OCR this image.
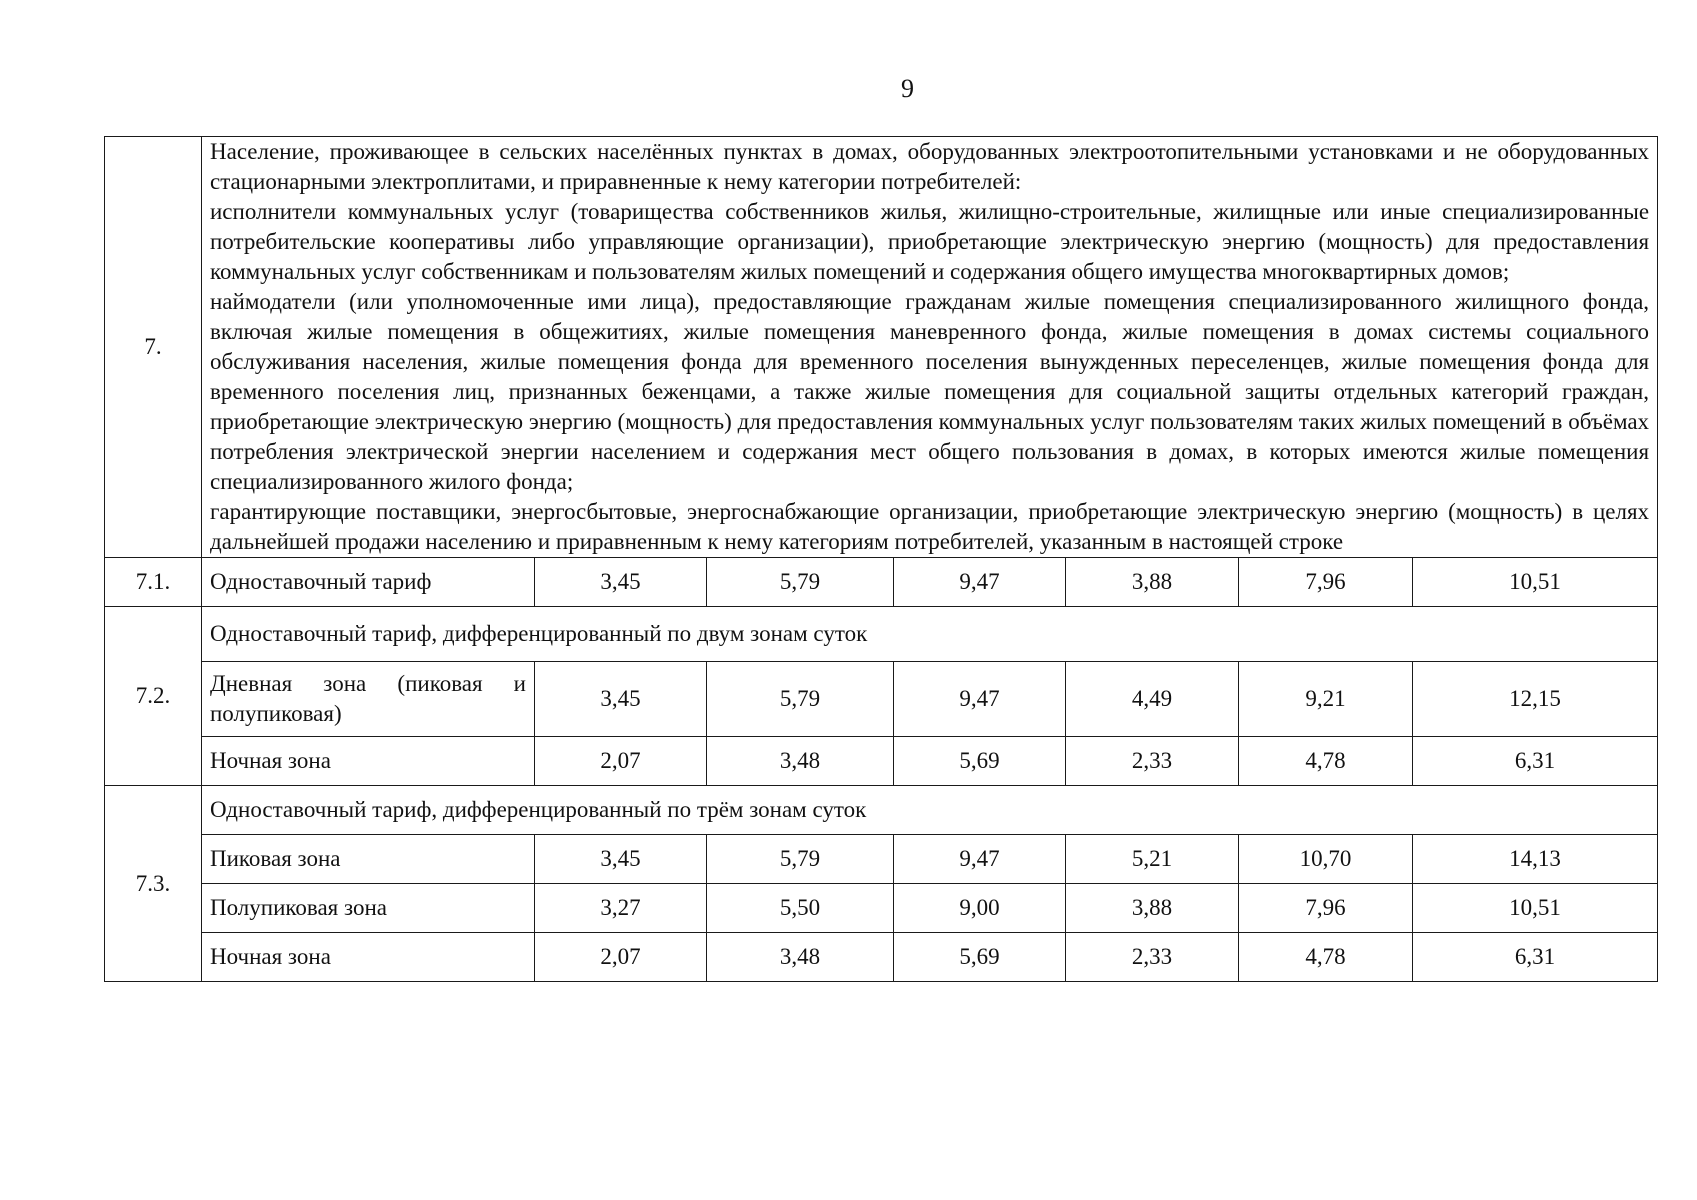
9
7.	Население, проживающее в сельских населённых пунктах в домах, оборудованных электроотопительными установками и не оборудованных стационарными электроплитами, и приравненные к нему категории потребителей:
исполнители коммунальных услуг (товарищества собственников жилья, жилищно-строительные, жилищные или иные специализированные потребительские кооперативы либо управляющие организации), приобретающие электрическую энергию (мощность) для предоставления коммунальных услуг собственникам и пользователям жилых помещений и содержания общего имущества многоквартирных домов;
наймодатели (или уполномоченные ими лица), предоставляющие гражданам жилые помещения специализированного жилищного фонда, включая жилые помещения в общежитиях, жилые помещения маневренного фонда, жилые помещения в домах системы социального обслуживания населения, жилые помещения фонда для временного поселения вынужденных переселенцев, жилые помещения фонда для временного поселения лиц, признанных беженцами, а также жилые помещения для социальной защиты отдельных категорий граждан, приобретающие электрическую энергию (мощность) для предоставления коммунальных услуг пользователям таких жилых помещений в объёмах потребления электрической энергии населением и содержания мест общего пользования в домах, в которых имеются жилые помещения специализированного жилого фонда;
гарантирующие поставщики, энергосбытовые, энергоснабжающие организации, приобретающие электрическую энергию (мощность) в целях дальнейшей продажи населению и приравненным к нему категориям потребителей, указанным в настоящей строке						

7.1.	Одноставочный тариф	3,45	5,79	9,47	3,88	7,96	10,51
7.2.	Одноставочный тариф, дифференцированный по двум зонам суток						
	Дневная зона (пиковая и полупиковая)	3,45	5,79	9,47	4,49	9,21	12,15
	Ночная зона	2,07	3,48	5,69	2,33	4,78	6,31
7.3.	Одноставочный тариф, дифференцированный по трём зонам суток						
	Пиковая зона	3,45	5,79	9,47	5,21	10,70	14,13
	Полупиковая зона	3,27	5,50	9,00	3,88	7,96	10,51
	Ночная зона	2,07	3,48	5,69	2,33	4,78	6,31
